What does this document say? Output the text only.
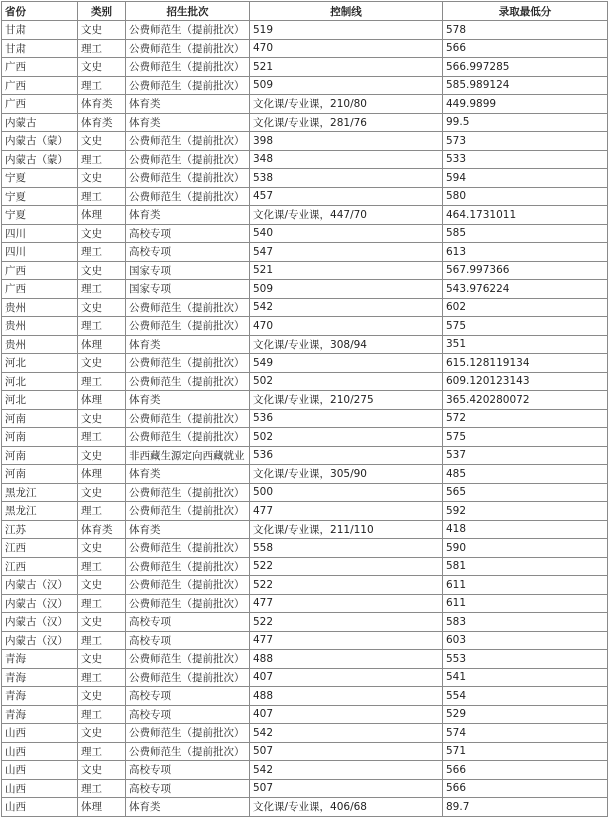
省份	类别	招生批次	控制线	录取最低分
甘肃	文史	公费师范生（提前批次）	519	578
甘肃	理工	公费师范生（提前批次）	470	566
广西	文史	公费师范生（提前批次）	521	566.997285
广西	理工	公费师范生（提前批次）	509	585.989124
广西	体育类	体育类	文化课/专业课，210/80	449.9899
内蒙古	体育类	体育类	文化课/专业课，281/76	99.5
内蒙古（蒙）	文史	公费师范生（提前批次）	398	573
内蒙古（蒙）	理工	公费师范生（提前批次）	348	533
宁夏	文史	公费师范生（提前批次）	538	594
宁夏	理工	公费师范生（提前批次）	457	580
宁夏	体理	体育类	文化课/专业课，447/70	464.1731011
四川	文史	高校专项	540	585
四川	理工	高校专项	547	613
广西	文史	国家专项	521	567.997366
广西	理工	国家专项	509	543.976224
贵州	文史	公费师范生（提前批次）	542	602
贵州	理工	公费师范生（提前批次）	470	575
贵州	体理	体育类	文化课/专业课，308/94	351
河北	文史	公费师范生（提前批次）	549	615.128119134
河北	理工	公费师范生（提前批次）	502	609.120123143
河北	体理	体育类	文化课/专业课，210/275	365.420280072
河南	文史	公费师范生（提前批次）	536	572
河南	理工	公费师范生（提前批次）	502	575
河南	文史	非西藏生源定向西藏就业	536	537
河南	体理	体育类	文化课/专业课，305/90	485
黑龙江	文史	公费师范生（提前批次）	500	565
黑龙江	理工	公费师范生（提前批次）	477	592
江苏	体育类	体育类	文化课/专业课，211/110	418
江西	文史	公费师范生（提前批次）	558	590
江西	理工	公费师范生（提前批次）	522	581
内蒙古（汉）	文史	公费师范生（提前批次）	522	611
内蒙古（汉）	理工	公费师范生（提前批次）	477	611
内蒙古（汉）	文史	高校专项	522	583
内蒙古（汉）	理工	高校专项	477	603
青海	文史	公费师范生（提前批次）	488	553
青海	理工	公费师范生（提前批次）	407	541
青海	文史	高校专项	488	554
青海	理工	高校专项	407	529
山西	文史	公费师范生（提前批次）	542	574
山西	理工	公费师范生（提前批次）	507	571
山西	文史	高校专项	542	566
山西	理工	高校专项	507	566
山西	体理	体育类	文化课/专业课，406/68	89.7
